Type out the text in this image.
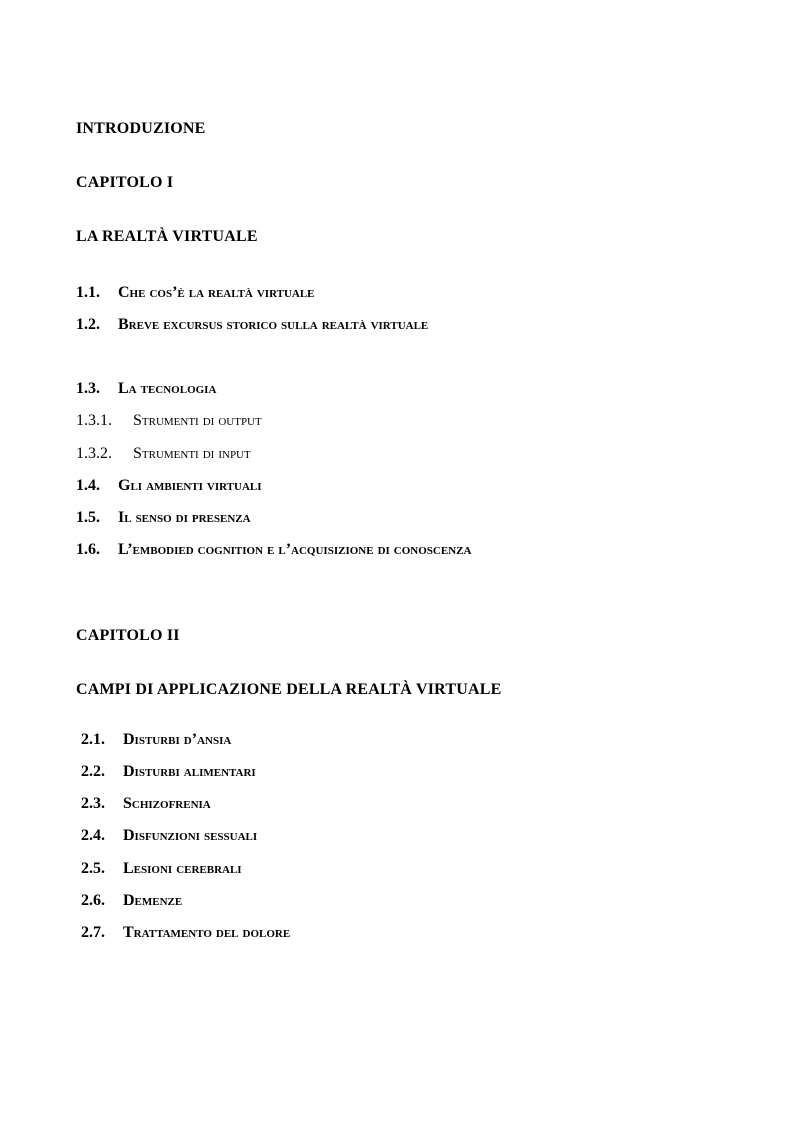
INTRODUZIONE
CAPITOLO I
LA REALTÀ VIRTUALE
1.1.	Che cos’è la realtà virtuale
1.2.	Breve excursus storico sulla realtà virtuale
1.3.	La tecnologia
1.3.1.	Strumenti di output
1.3.2.	Strumenti di input
1.4.	Gli ambienti virtuali
1.5.	Il senso di presenza
1.6.	L’embodied cognition e l’acquisizione di conoscenza
CAPITOLO II
CAMPI DI APPLICAZIONE DELLA REALTÀ VIRTUALE
2.1.	Disturbi d’ansia
2.2.	Disturbi alimentari
2.3.	Schizofrenia
2.4.	Disfunzioni sessuali
2.5.	Lesioni cerebrali
2.6.	Demenze
2.7.	Trattamento del dolore
